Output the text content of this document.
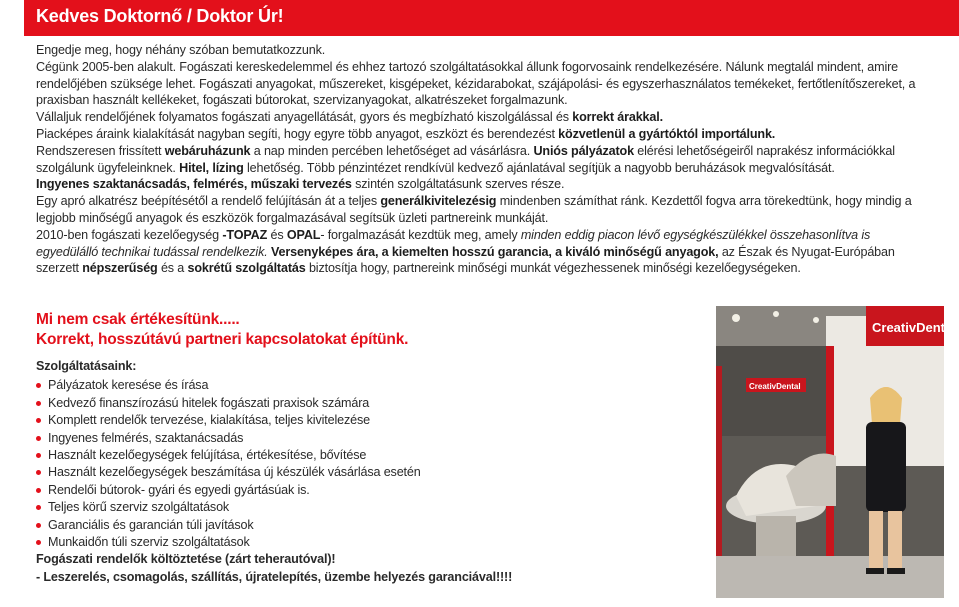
Kedves Doktornő / Doktor Úr!

Engedje meg, hogy néhány szóban bemutatkozzunk.

Cégünk 2005-ben alakult. Fogászati kereskedelemmel és ehhez tartozó szolgáltatásokkal állunk fogorvosaink rendelkezésére. Nálunk megtalál mindent, amire rendelőjében szüksége lehet. Fogászati anyagokat, műszereket, kisgépeket, kézidarabokat, szájápolási- és egyszerhasználatos temékeket, fertőtlenítőszereket, a praxisban használt kellékeket, fogászati bútorokat, szervizanyagokat, alkatrészeket forgalmazunk.

Vállaljuk rendelőjének folyamatos fogászati anyagellátását, gyors és megbízható kiszolgálással és korrekt árakkal.

Piacképes áraink kialakítását nagyban segíti, hogy egyre több anyagot, eszközt és berendezést közvetlenül a gyártóktól importálunk.

Rendszeresen frissített webáruházunk a nap minden percében lehetőséget ad vásárlásra. Uniós pályázatok elérési lehetőségeiről naprakész információkkal szolgálunk ügyfeleinknek. Hitel, lízing lehetőség. Több pénzintézet rendkívül kedvező ajánlatával segítjük a nagyobb beruházások megvalósítását.

Ingyenes szaktanácsadás, felmérés, műszaki tervezés szintén szolgáltatásunk szerves része.

Egy apró alkatrész beépítésétől a rendelő felújításán át a teljes generálkivitelezésig mindenben számíthat ránk. Kezdettől fogva arra törekedtünk, hogy mindig a legjobb minőségű anyagok és eszközök forgalmazásával segítsük üzleti partnereink munkáját.

2010-ben fogászati kezelőegység -TOPAZ és OPAL- forgalmazását kezdtük meg, amely minden eddig piacon lévő egységkészülékkel összehasonlítva is egyedülálló technikai tudással rendelkezik. Versenyképes ára, a kiemelten hosszú garancia, a kiváló minőségű anyagok, az Észak és Nyugat-Európában szerzett népszerűség és a sokrétű szolgáltatás biztosítja hogy, partnereink minőségi munkát végezhessenek minőségi kezelőegységeken.

Mi nem csak értékesítünk.....
Korrekt, hosszútávú partneri kapcsolatokat építünk.
Szolgáltatásaink:
Pályázatok keresése és írása
Kedvező finanszírozású hitelek fogászati praxisok számára
Komplett rendelők tervezése, kialakítása, teljes kivitelezése
Ingyenes felmérés, szaktanácsadás
Használt kezelőegységek felújítása, értékesítése, bővítése
Használt kezelőegységek beszámítása új készülék vásárlása esetén
Rendelői bútorok- gyári és egyedi gyártásúak is.
Teljes körű szerviz szolgáltatások
Garanciális és garancián túli javítások
Munkaidőn túli szerviz szolgáltatások
Fogászati rendelők költöztetése (zárt teherautóval)!
- Leszerelés, csomagolás, szállítás, újratelepítés, üzembe helyezés garanciával!!!!
CreativDental
CreativDental
